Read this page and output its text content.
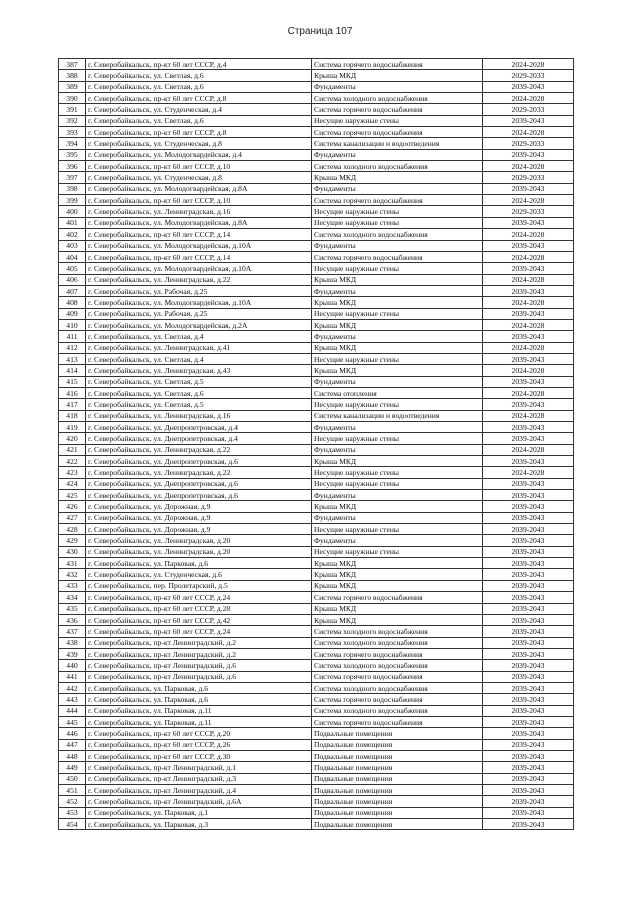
Страница 107
387	г. Северобайкальск, пр-кт 60 лет СССР, д.4	Система горячего водоснабжения	2024-2028
388	г. Северобайкальск, ул. Светлая, д.6	Крыша МКД	2029-2033
389	г. Северобайкальск, ул. Светлая, д.6	Фундаменты	2039-2043
390	г. Северобайкальск, пр-кт 60 лет СССР, д.8	Система холодного водоснабжения	2024-2028
391	г. Северобайкальск, ул. Студенческая, д.4	Система горячего водоснабжения	2029-2033
392	г. Северобайкальск, ул. Светлая, д.6	Несущие наружные стены	2039-2043
393	г. Северобайкальск, пр-кт 60 лет СССР, д.8	Система горячего водоснабжения	2024-2028
394	г. Северобайкальск, ул. Студенческая, д.8	Система канализации и водоотведения	2029-2033
395	г. Северобайкальск, ул. Молодогвардейская, д.4	Фундаменты	2039-2043
396	г. Северобайкальск, пр-кт 60 лет СССР, д.10	Система холодного водоснабжения	2024-2028
397	г. Северобайкальск, ул. Студенческая, д.8	Крыша МКД	2029-2033
398	г. Северобайкальск, ул. Молодогвардейская, д.8А	Фундаменты	2039-2043
399	г. Северобайкальск, пр-кт 60 лет СССР, д.10	Система горячего водоснабжения	2024-2028
400	г. Северобайкальск, ул. Ленинградская, д.16	Несущие наружные стены	2029-2033
401	г. Северобайкальск, ул. Молодогвардейская, д.8А	Несущие наружные стены	2039-2043
402	г. Северобайкальск, пр-кт 60 лет СССР, д.14	Система холодного водоснабжения	2024-2028
403	г. Северобайкальск, ул. Молодогвардейская, д.10А	Фундаменты	2039-2043
404	г. Северобайкальск, пр-кт 60 лет СССР, д.14	Система горячего водоснабжения	2024-2028
405	г. Северобайкальск, ул. Молодогвардейская, д.10А	Несущие наружные стены	2039-2043
406	г. Северобайкальск, ул. Ленинградская, д.22	Крыша МКД	2024-2028
407	г. Северобайкальск, ул. Рабочая, д.25	Фундаменты	2039-2043
408	г. Северобайкальск, ул. Молодогвардейская, д.10А	Крыша МКД	2024-2028
409	г. Северобайкальск, ул. Рабочая, д.25	Несущие наружные стены	2039-2043
410	г. Северобайкальск, ул. Молодогвардейская, д.2А	Крыша МКД	2024-2028
411	г. Северобайкальск, ул. Светлая, д.4	Фундаменты	2039-2043
412	г. Северобайкальск, ул. Ленинградская, д.41	Крыша МКД	2024-2028
413	г. Северобайкальск, ул. Светлая, д.4	Несущие наружные стены	2039-2043
414	г. Северобайкальск, ул. Ленинградская, д.43	Крыша МКД	2024-2028
415	г. Северобайкальск, ул. Светлая, д.5	Фундаменты	2039-2043
416	г. Северобайкальск, ул. Светлая, д.6	Система отопления	2024-2028
417	г. Северобайкальск, ул. Светлая, д.5	Несущие наружные стены	2039-2043
418	г. Северобайкальск, ул. Ленинградская, д.16	Система канализации и водоотведения	2024-2028
419	г. Северобайкальск, ул. Днепропетровская, д.4	Фундаменты	2039-2043
420	г. Северобайкальск, ул. Днепропетровская, д.4	Несущие наружные стены	2039-2043
421	г. Северобайкальск, ул. Ленинградская, д.22	Фундаменты	2024-2028
422	г. Северобайкальск, ул. Днепропетровская, д.6	Крыша МКД	2039-2043
423	г. Северобайкальск, ул. Ленинградская, д.22	Несущие наружные стены	2024-2028
424	г. Северобайкальск, ул. Днепропетровская, д.6	Несущие наружные стены	2039-2043
425	г. Северобайкальск, ул. Днепропетровская, д.6	Фундаменты	2039-2043
426	г. Северобайкальск, ул. Дорожная, д.9	Крыша МКД	2039-2043
427	г. Северобайкальск, ул. Дорожная, д.9	Фундаменты	2039-2043
428	г. Северобайкальск, ул. Дорожная, д.9	Несущие наружные стены	2039-2043
429	г. Северобайкальск, ул. Ленинградская, д.20	Фундаменты	2039-2043
430	г. Северобайкальск, ул. Ленинградская, д.20	Несущие наружные стены	2039-2043
431	г. Северобайкальск, ул. Парковая, д.6	Крыша МКД	2039-2043
432	г. Северобайкальск, ул. Студенческая, д.6	Крыша МКД	2039-2043
433	г. Северобайкальск, пер. Пролетарский, д.5	Крыша МКД	2039-2043
434	г. Северобайкальск, пр-кт 60 лет СССР, д.24	Система горячего водоснабжения	2039-2043
435	г. Северобайкальск, пр-кт 60 лет СССР, д.28	Крыша МКД	2039-2043
436	г. Северобайкальск, пр-кт 60 лет СССР, д.42	Крыша МКД	2039-2043
437	г. Северобайкальск, пр-кт 60 лет СССР, д.24	Система холодного водоснабжения	2039-2043
438	г. Северобайкальск, пр-кт Ленинградский, д.2	Система холодного водоснабжения	2039-2043
439	г. Северобайкальск, пр-кт Ленинградский, д.2	Система горячего водоснабжения	2039-2043
440	г. Северобайкальск, пр-кт Ленинградский, д.6	Система холодного водоснабжения	2039-2043
441	г. Северобайкальск, пр-кт Ленинградский, д.6	Система горячего водоснабжения	2039-2043
442	г. Северобайкальск, ул. Парковая, д.6	Система холодного водоснабжения	2039-2043
443	г. Северобайкальск, ул. Парковая, д.6	Система горячего водоснабжения	2039-2043
444	г. Северобайкальск, ул. Парковая, д.11	Система холодного водоснабжения	2039-2043
445	г. Северобайкальск, ул. Парковая, д.11	Система горячего водоснабжения	2039-2043
446	г. Северобайкальск, пр-кт 60 лет СССР, д.20	Подвальные помещения	2039-2043
447	г. Северобайкальск, пр-кт 60 лет СССР, д.26	Подвальные помещения	2039-2043
448	г. Северобайкальск, пр-кт 60 лет СССР, д.30	Подвальные помещения	2039-2043
449	г. Северобайкальск, пр-кт Ленинградский, д.1	Подвальные помещения	2039-2043
450	г. Северобайкальск, пр-кт Ленинградский, д.3	Подвальные помещения	2039-2043
451	г. Северобайкальск, пр-кт Ленинградский, д.4	Подвальные помещения	2039-2043
452	г. Северобайкальск, пр-кт Ленинградский, д.6А	Подвальные помещения	2039-2043
453	г. Северобайкальск, ул. Парковая, д.1	Подвальные помещения	2039-2043
454	г. Северобайкальск, ул. Парковая, д.3	Подвальные помещения	2039-2043
